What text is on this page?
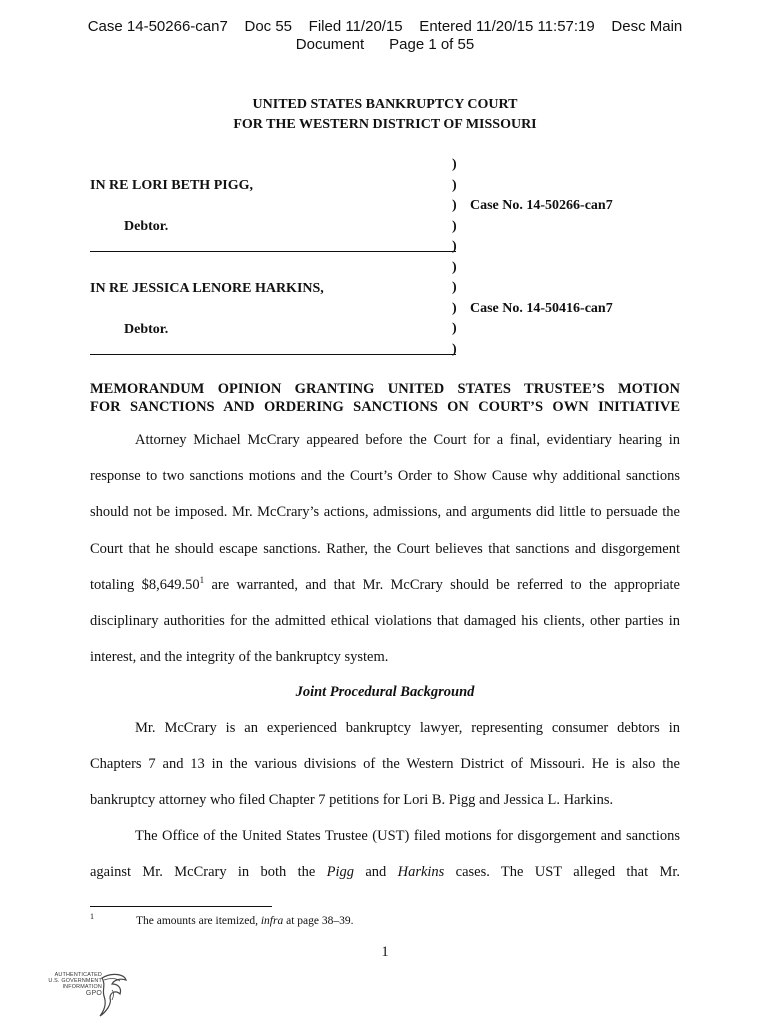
Case 14-50266-can7    Doc 55    Filed 11/20/15    Entered 11/20/15 11:57:19    Desc Main
Document      Page 1 of 55
UNITED STATES BANKRUPTCY COURT
FOR THE WESTERN DISTRICT OF MISSOURI
)
)
)
)
)
)
)
)
)
)
IN RE LORI BETH PIGG,
Case No. 14-50266-can7
Debtor.
IN RE JESSICA LENORE HARKINS,
Case No. 14-50416-can7
Debtor.
MEMORANDUM OPINION GRANTING UNITED STATES TRUSTEE’S MOTION
FOR SANCTIONS AND ORDERING SANCTIONS ON COURT’S OWN INITIATIVE

Attorney Michael McCrary appeared before the Court for a final, evidentiary hearing in response to two sanctions motions and the Court’s Order to Show Cause why additional sanctions should not be imposed. Mr. McCrary’s actions, admissions, and arguments did little to persuade the Court that he should escape sanctions. Rather, the Court believes that sanctions and disgorgement totaling $8,649.50$^1$ are warranted, and that Mr. McCrary should be referred to the appropriate disciplinary authorities for the admitted ethical violations that damaged his clients, other parties in interest, and the integrity of the bankruptcy system.

Joint Procedural Background

Mr. McCrary is an experienced bankruptcy lawyer, representing consumer debtors in Chapters 7 and 13 in the various divisions of the Western District of Missouri. He is also the bankruptcy attorney who filed Chapter 7 petitions for Lori B. Pigg and Jessica L. Harkins.

The Office of the United States Trustee (UST) filed motions for disgorgement and sanctions against Mr. McCrary in both the Pigg and Harkins cases. The UST alleged that Mr.

1	The amounts are itemized, infra at page 38–39.
1
AUTHENTICATED
U.S. GOVERNMENT
INFORMATION
GPO
